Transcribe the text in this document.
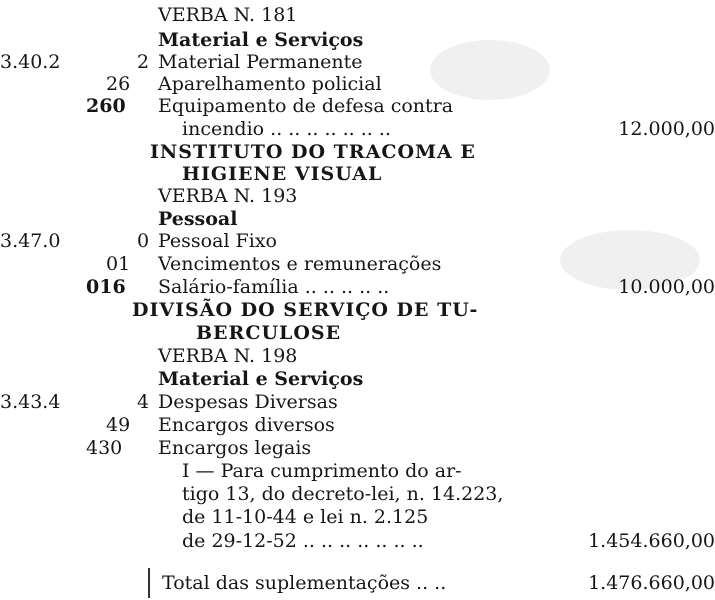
VERBA N. 181
Material e Serviços
3.40.2	2 Material Permanente
26 Aparelhamento policial
260 Equipamento de defesa contra
incendio .. .. .. .. .. .. ..	12.000,00
INSTITUTO DO TRACOMA E
HIGIENE VISUAL
VERBA N. 193
Pessoal
3.47.0	0 Pessoal Fixo
01 Vencimentos e remunerações
016 Salário-família .. .. .. .. ..	10.000,00
DIVISÃO DO SERVIÇO DE TU-
BERCULOSE
VERBA N. 198
Material e Serviços
3.43.4	4 Despesas Diversas
49 Encargos diversos
430 Encargos legais
I — Para cumprimento do ar-
tigo 13, do decreto-lei, n. 14.223,
de 11-10-44 e lei n. 2.125
de 29-12-52 .. .. .. .. .. .. ..	1.454.660,00
Total das suplementações .. ..	1.476.660,00
